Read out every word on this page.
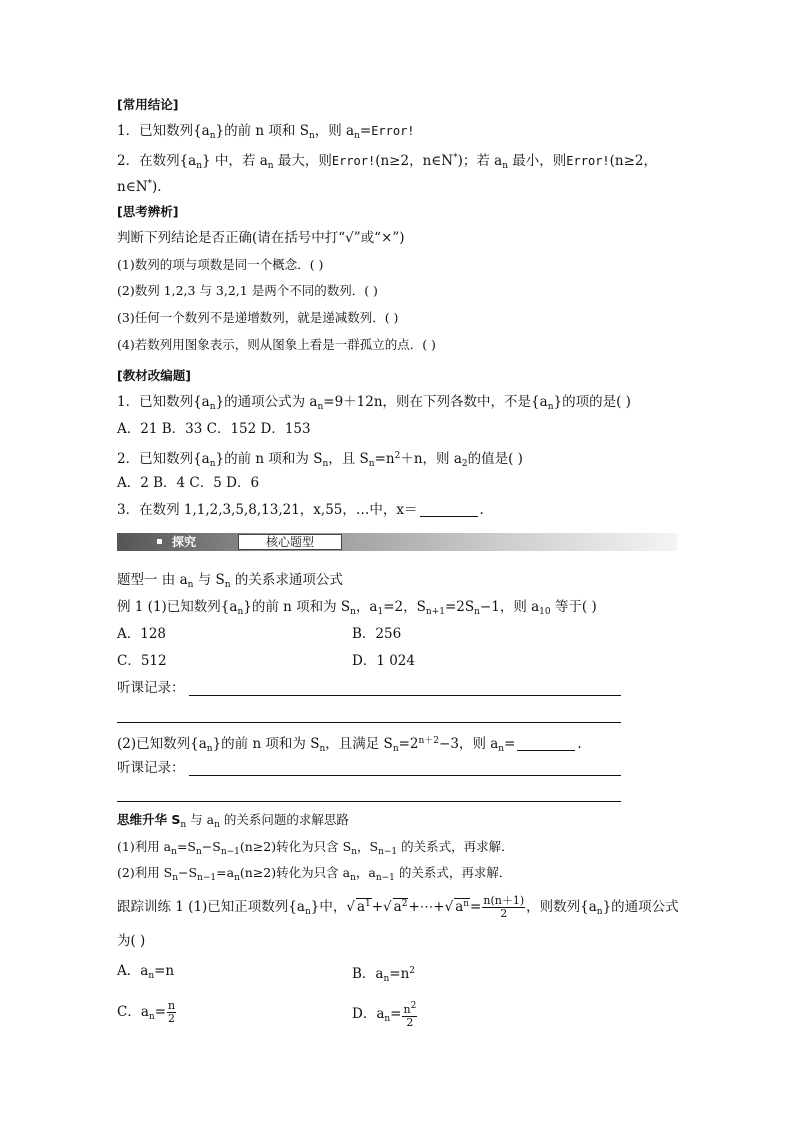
[常用结论]
1．已知数列$\{a_n\}$的前 n 项和 $S_n$，则 $a_n=Error$!
2．在数列$\{a_n\}$ 中，若 $a_n$ 最大，则Error!(n≥2，n∈N*)；若 $a_n$ 最小，则Error!(n≥2，
n∈N*)．
[思考辨析]
判断下列结论是否正确(请在括号中打“√”或“×”)
(1)数列的项与项数是同一个概念．( )
(2)数列 1,2,3 与 3,2,1 是两个不同的数列．( )
(3)任何一个数列不是递增数列，就是递减数列．( )
(4)若数列用图象表示，则从图象上看是一群孤立的点．( )
[教材改编题]
1．已知数列$\{a_n\}$的通项公式为 $a_n=9+12n$，则在下列各数中，不是$\{a_n\}$的项的是( )
A．21 B．33 C．152 D．153
2．已知数列$\{a_n\}$的前 n 项和为 $S_n$，且 $S_n=n^2+n$，则 $a_2$的值是( )
A．2 B．4 C．5 D．6
3．在数列 1,1,2,3,5,8,13,21，x,55，…中，x＝	.
探究	核心题型
题型一 由 $a_n$ 与 $S_n$ 的关系求通项公式
例 1 (1)已知数列$\{a_n\}$的前 n 项和为 $S_n$，$a_1=2$，$S_{n+1}=2S_n-1$，则 $a_{10}$ 等于( )
A．128	B．256
C．512	D．1 024
听课记录：
(2)已知数列$\{a_n\}$的前 n 项和为 $S_n$，且满足 $S_n=2^{n+2}-3$，则 $a_n=$	.
听课记录：
思维升华 $S_n$ 与 $a_n$ 的关系问题的求解思路
(1)利用 $a_n=S_n-S_{n-1}(n\ge 2)$转化为只含 $S_n$，$S_{n-1}$ 的关系式，再求解．
(2)利用 $S_n-S_{n-1}=a_n(n\ge 2)$转化为只含 $a_n$，$a_{n-1}$ 的关系式，再求解．
跟踪训练 1 (1)已知正项数列$\{a_n\}$中，√ $a^1+√$ $a^2+\cdots+√$ $a^n= \frac{n(n+1)}{2}$ ，则数列$\{a_n\}$的通项公式
为( )
A．$a_n=n$	B．$a_n=n^2$
C．$a_n= \frac{n}{2}$	D．$a_n= \frac{n^2}{2}$
